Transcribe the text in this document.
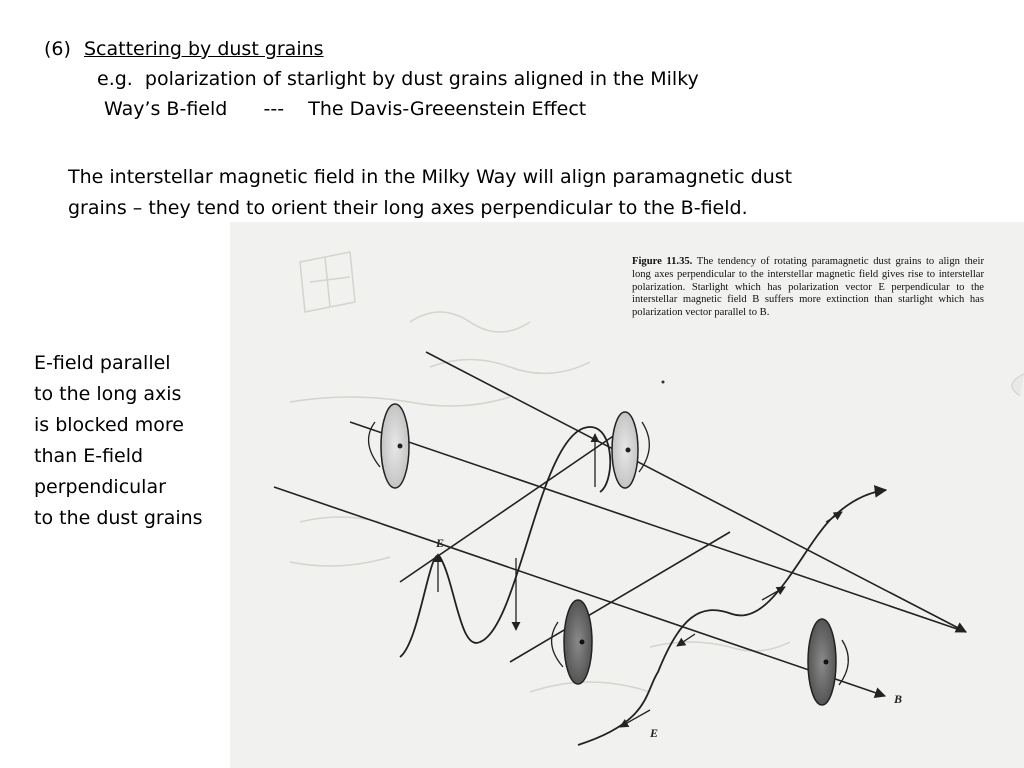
(6) Scattering by dust grains
e.g.  polarization of starlight by dust grains aligned in the Milky
Way’s B-field      ---    The Davis-Greeenstein Effect
The interstellar magnetic field in the Milky Way will align paramagnetic dust grains – they tend to orient their long axes perpendicular to the B-field.
Figure 11.35. The tendency of rotating paramagnetic dust grains to align their long axes perpendicular to the interstellar magnetic field gives rise to interstellar polarization. Starlight which has polarization vector E perpendicular to the interstellar magnetic field B suffers more extinction than starlight which has polarization vector parallel to B.
E
E
B
E-field parallel
to the long axis
is blocked more
than E-field
perpendicular
to the dust grains
